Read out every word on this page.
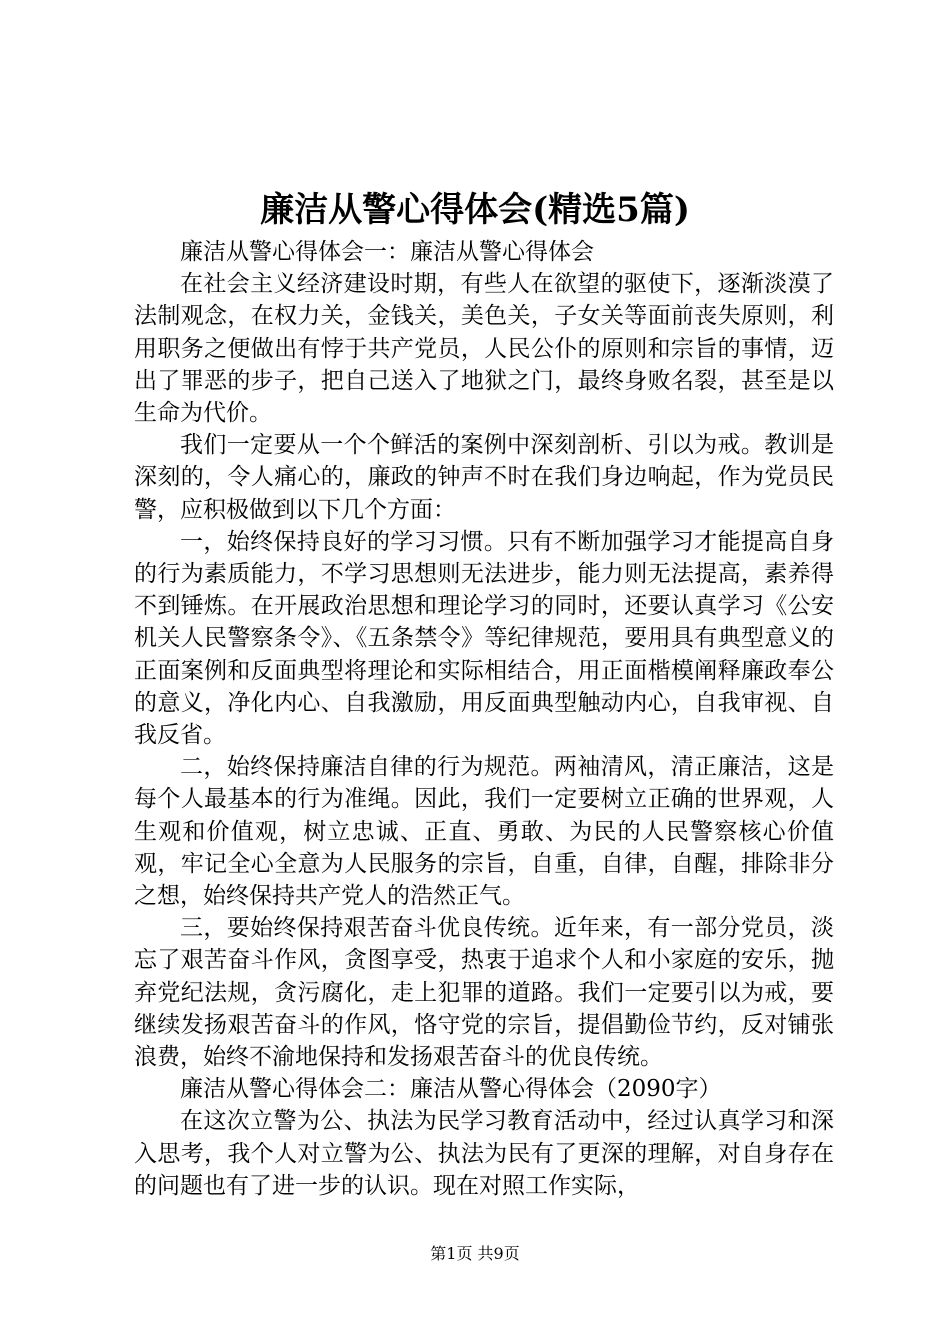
廉洁从警心得体会(精选5篇)

廉洁从警心得体会一：廉洁从警心得体会

在社会主义经济建设时期，有些人在欲望的驱使下，逐渐淡漠了法制观念，在权力关，金钱关，美色关，子女关等面前丧失原则，利用职务之便做出有悖于共产党员，人民公仆的原则和宗旨的事情，迈出了罪恶的步子，把自己送入了地狱之门，最终身败名裂，甚至是以生命为代价。

我们一定要从一个个鲜活的案例中深刻剖析、引以为戒。教训是深刻的，令人痛心的，廉政的钟声不时在我们身边响起，作为党员民警，应积极做到以下几个方面：

一，始终保持良好的学习习惯。只有不断加强学习才能提高自身的行为素质能力，不学习思想则无法进步，能力则无法提高，素养得不到锤炼。在开展政治思想和理论学习的同时，还要认真学习《公安机关人民警察条令》、《五条禁令》等纪律规范，要用具有典型意义的正面案例和反面典型将理论和实际相结合，用正面楷模阐释廉政奉公的意义，净化内心、自我激励，用反面典型触动内心，自我审视、自我反省。

二，始终保持廉洁自律的行为规范。两袖清风，清正廉洁，这是每个人最基本的行为准绳。因此，我们一定要树立正确的世界观，人生观和价值观，树立忠诚、正直、勇敢、为民的人民警察核心价值观，牢记全心全意为人民服务的宗旨，自重，自律，自醒，排除非分之想，始终保持共产党人的浩然正气。

三，要始终保持艰苦奋斗优良传统。近年来，有一部分党员，淡忘了艰苦奋斗作风，贪图享受，热衷于追求个人和小家庭的安乐，抛弃党纪法规，贪污腐化，走上犯罪的道路。我们一定要引以为戒，要继续发扬艰苦奋斗的作风，恪守党的宗旨，提倡勤俭节约，反对铺张浪费，始终不渝地保持和发扬艰苦奋斗的优良传统。

廉洁从警心得体会二：廉洁从警心得体会（2090字）

在这次立警为公、执法为民学习教育活动中，经过认真学习和深入思考，我个人对立警为公、执法为民有了更深的理解，对自身存在的问题也有了进一步的认识。现在对照工作实际，

第1页 共9页
